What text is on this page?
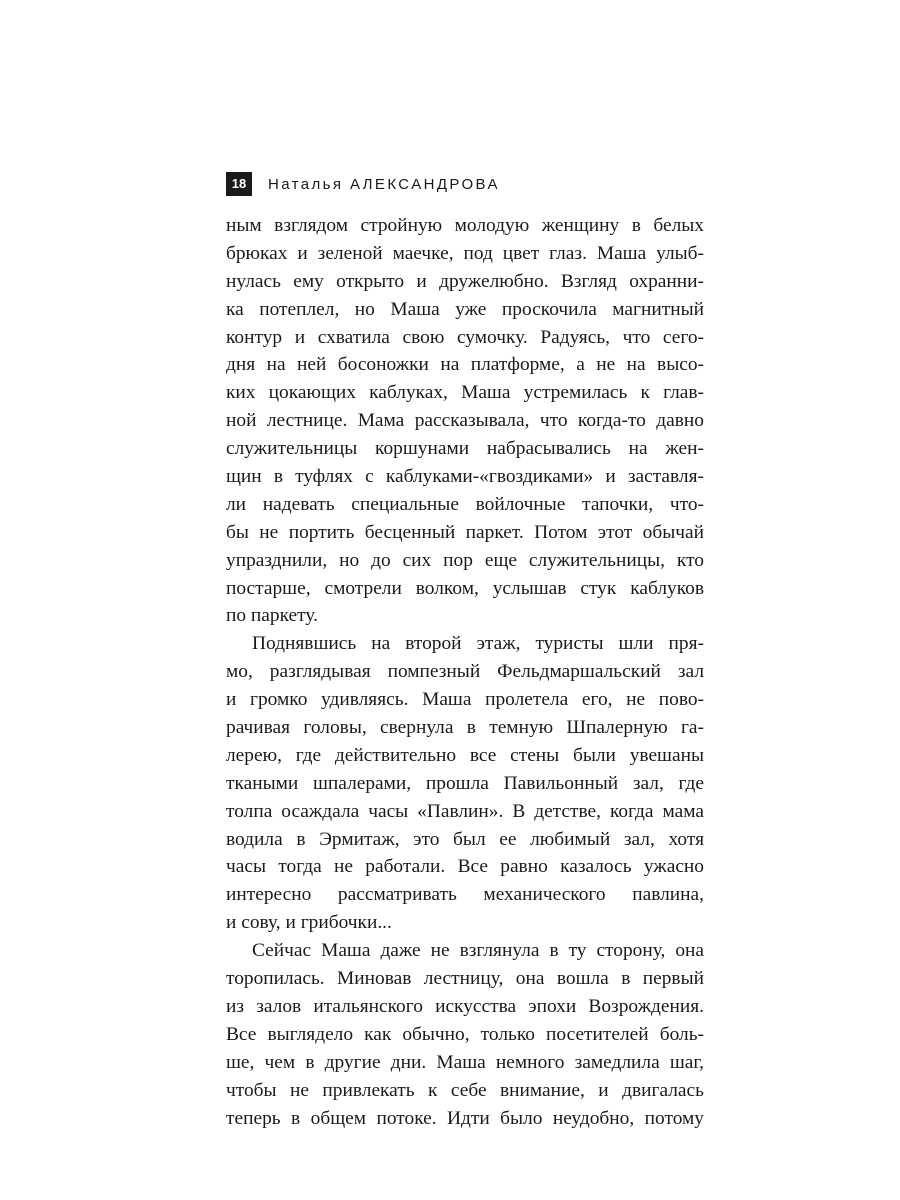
18	Наталья АЛЕКСАНДРОВА
ным взглядом стройную молодую женщину в белых
брюках и зеленой маечке, под цвет глаз. Маша улыб-
нулась ему открыто и дружелюбно. Взгляд охранни-
ка потеплел, но Маша уже проскочила магнитный
контур и схватила свою сумочку. Радуясь, что сего-
дня на ней босоножки на платформе, а не на высо-
ких цокающих каблуках, Маша устремилась к глав-
ной лестнице. Мама рассказывала, что когда-то давно
служительницы коршунами набрасывались на жен-
щин в туфлях с каблуками-«гвоздиками» и заставля-
ли надевать специальные войлочные тапочки, что-
бы не портить бесценный паркет. Потом этот обычай
упразднили, но до сих пор еще служительницы, кто
постарше, смотрели волком, услышав стук каблуков
по паркету.
Поднявшись на второй этаж, туристы шли пря-
мо, разглядывая помпезный Фельдмаршальский зал
и громко удивляясь. Маша пролетела его, не пово-
рачивая головы, свернула в темную Шпалерную га-
лерею, где действительно все стены были увешаны
ткаными шпалерами, прошла Павильонный зал, где
толпа осаждала часы «Павлин». В детстве, когда мама
водила в Эрмитаж, это был ее любимый зал, хотя
часы тогда не работали. Все равно казалось ужасно
интересно рассматривать механического павлина,
и сову, и грибочки...
Сейчас Маша даже не взглянула в ту сторону, она
торопилась. Миновав лестницу, она вошла в первый
из залов итальянского искусства эпохи Возрождения.
Все выглядело как обычно, только посетителей боль-
ше, чем в другие дни. Маша немного замедлила шаг,
чтобы не привлекать к себе внимание, и двигалась
теперь в общем потоке. Идти было неудобно, потому
